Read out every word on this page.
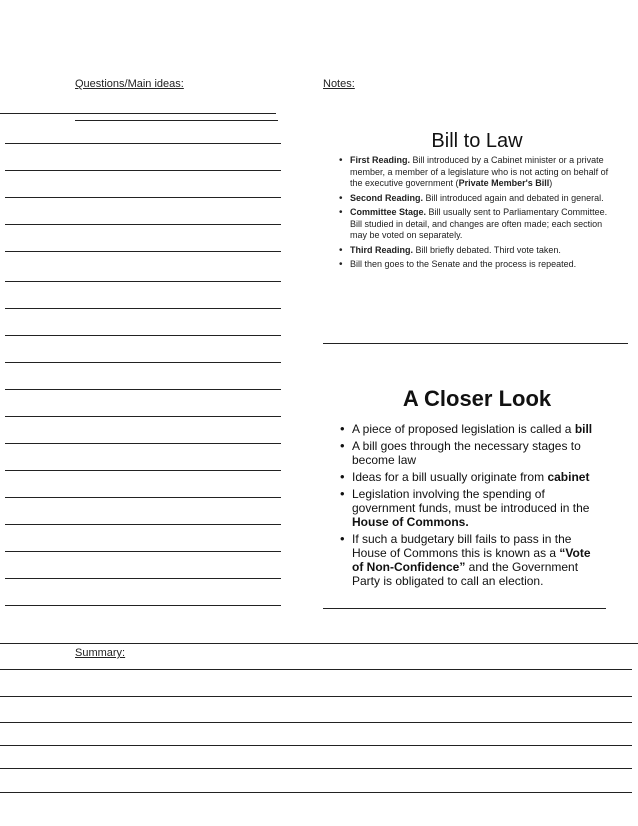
Questions/Main ideas:	Notes:
Bill to Law
• First Reading. Bill introduced by a Cabinet minister or a private member, a member of a legislature who is not acting on behalf of the executive government (Private Member's Bill)
• Second Reading. Bill introduced again and debated in general.
• Committee Stage. Bill usually sent to Parliamentary Committee. Bill studied in detail, and changes are often made; each section may be voted on separately.
• Third Reading. Bill briefly debated. Third vote taken.
• Bill then goes to the Senate and the process is repeated.
A Closer Look
• A piece of proposed legislation is called a bill
• A bill goes through the necessary stages to become law
• Ideas for a bill usually originate from cabinet
• Legislation involving the spending of government funds, must be introduced in the House of Commons.
• If such a budgetary bill fails to pass in the House of Commons this is known as a “Vote of Non-Confidence” and the Government Party is obligated to call an election.
Summary:
